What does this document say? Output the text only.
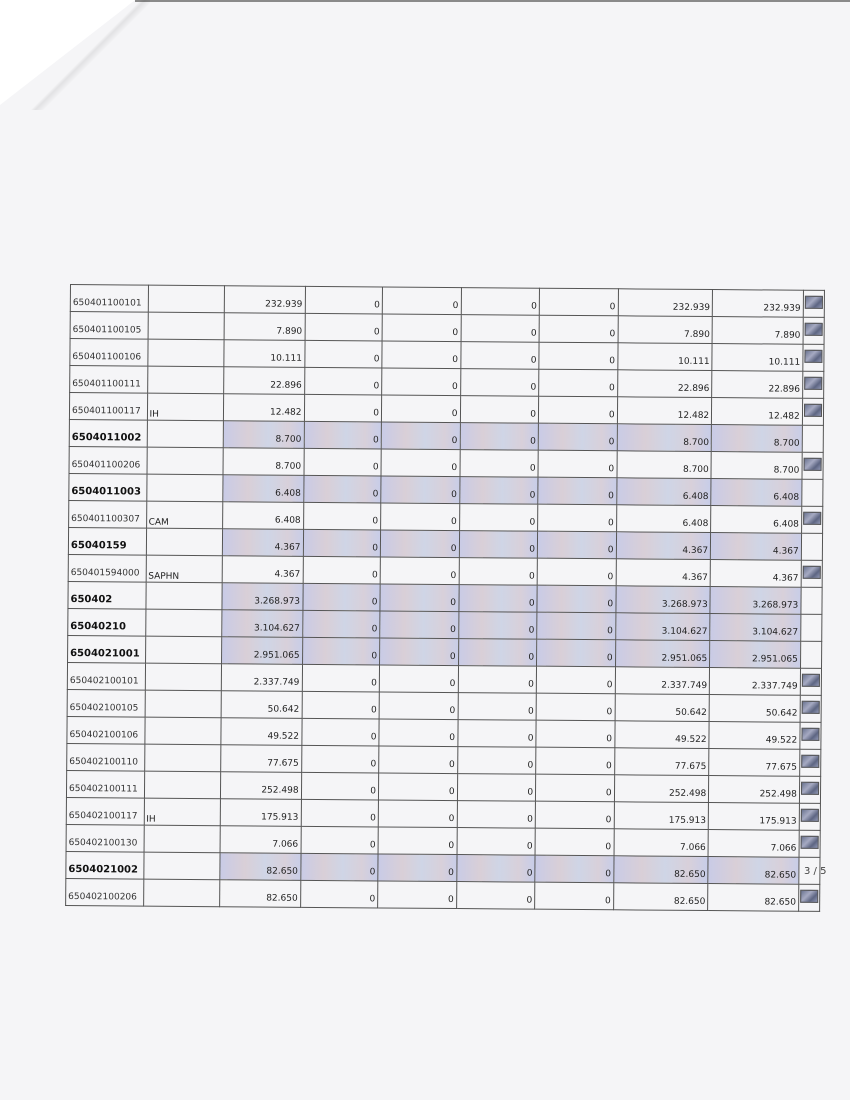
650401100101		232.939	0	0	0	0	232.939	232.939	
650401100105		7.890	0	0	0	0	7.890	7.890	
650401100106		10.111	0	0	0	0	10.111	10.111	
650401100111		22.896	0	0	0	0	22.896	22.896	
650401100117	IH	12.482	0	0	0	0	12.482	12.482	
6504011002		8.700	0	0	0	0	8.700	8.700	
650401100206		8.700	0	0	0	0	8.700	8.700	
6504011003		6.408	0	0	0	0	6.408	6.408	
650401100307	CAM	6.408	0	0	0	0	6.408	6.408	
65040159		4.367	0	0	0	0	4.367	4.367	
650401594000	SAPHN	4.367	0	0	0	0	4.367	4.367	
650402		3.268.973	0	0	0	0	3.268.973	3.268.973	
65040210		3.104.627	0	0	0	0	3.104.627	3.104.627	
6504021001		2.951.065	0	0	0	0	2.951.065	2.951.065	
650402100101		2.337.749	0	0	0	0	2.337.749	2.337.749	
650402100105		50.642	0	0	0	0	50.642	50.642	
650402100106		49.522	0	0	0	0	49.522	49.522	
650402100110		77.675	0	0	0	0	77.675	77.675	
650402100111		252.498	0	0	0	0	252.498	252.498	
650402100117	IH	175.913	0	0	0	0	175.913	175.913	
650402100130		7.066	0	0	0	0	7.066	7.066	
6504021002		82.650	0	0	0	0	82.650	82.650	
650402100206		82.650	0	0	0	0	82.650	82.650	
3 / 5
